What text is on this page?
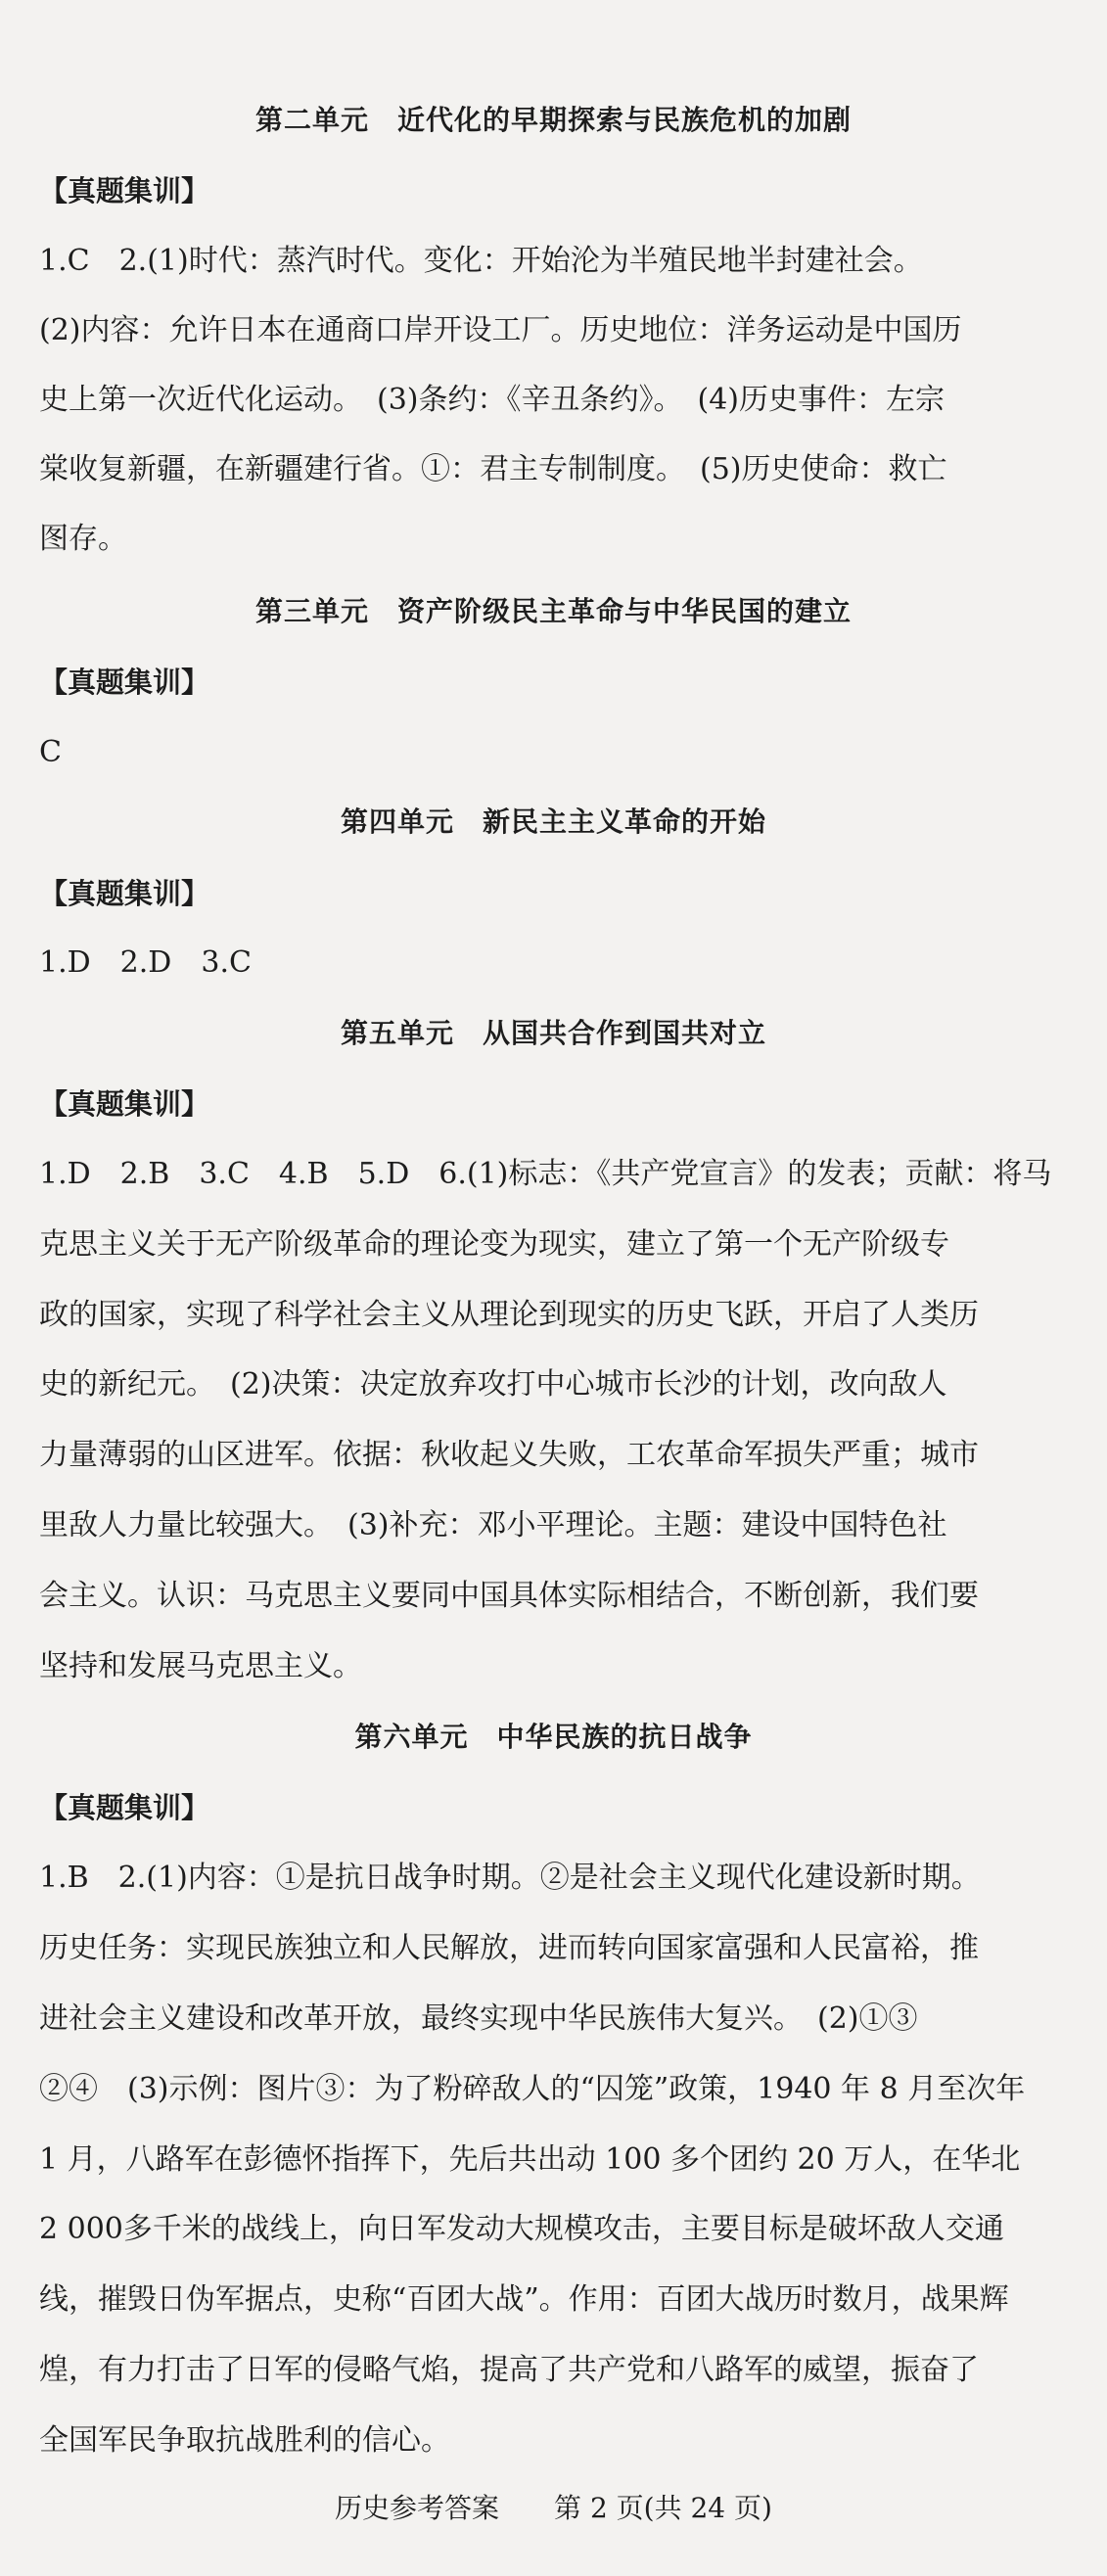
第二单元　近代化的早期探索与民族危机的加剧
【真题集训】
1.C　2.(1)时代：蒸汽时代。变化：开始沦为半殖民地半封建社会。
(2)内容：允许日本在通商口岸开设工厂。历史地位：洋务运动是中国历
史上第一次近代化运动。　(3)条约：《辛丑条约》。　(4)历史事件：左宗
棠收复新疆，在新疆建行省。①：君主专制制度。　(5)历史使命：救亡
图存。
第三单元　资产阶级民主革命与中华民国的建立
【真题集训】
C
第四单元　新民主主义革命的开始
【真题集训】
1.D　2.D　3.C
第五单元　从国共合作到国共对立
【真题集训】
1.D　2.B　3.C　4.B　5.D　6.(1)标志：《共产党宣言》的发表；贡献：将马
克思主义关于无产阶级革命的理论变为现实，建立了第一个无产阶级专
政的国家，实现了科学社会主义从理论到现实的历史飞跃，开启了人类历
史的新纪元。　(2)决策：决定放弃攻打中心城市长沙的计划，改向敌人
力量薄弱的山区进军。依据：秋收起义失败，工农革命军损失严重；城市
里敌人力量比较强大。　(3)补充：邓小平理论。主题：建设中国特色社
会主义。认识：马克思主义要同中国具体实际相结合，不断创新，我们要
坚持和发展马克思主义。
第六单元　中华民族的抗日战争
【真题集训】
1.B　2.(1)内容：①是抗日战争时期。②是社会主义现代化建设新时期。
历史任务：实现民族独立和人民解放，进而转向国家富强和人民富裕，推
进社会主义建设和改革开放，最终实现中华民族伟大复兴。　(2)①③
②④　(3)示例：图片③：为了粉碎敌人的“囚笼”政策，1940 年 8 月至次年
1 月，八路军在彭德怀指挥下，先后共出动 100 多个团约 20 万人，在华北
2 000多千米的战线上，向日军发动大规模攻击，主要目标是破坏敌人交通
线，摧毁日伪军据点，史称“百团大战”。作用：百团大战历时数月，战果辉
煌，有力打击了日军的侵略气焰，提高了共产党和八路军的威望，振奋了
全国军民争取抗战胜利的信心。
历史参考答案　　第 2 页(共 24 页)
